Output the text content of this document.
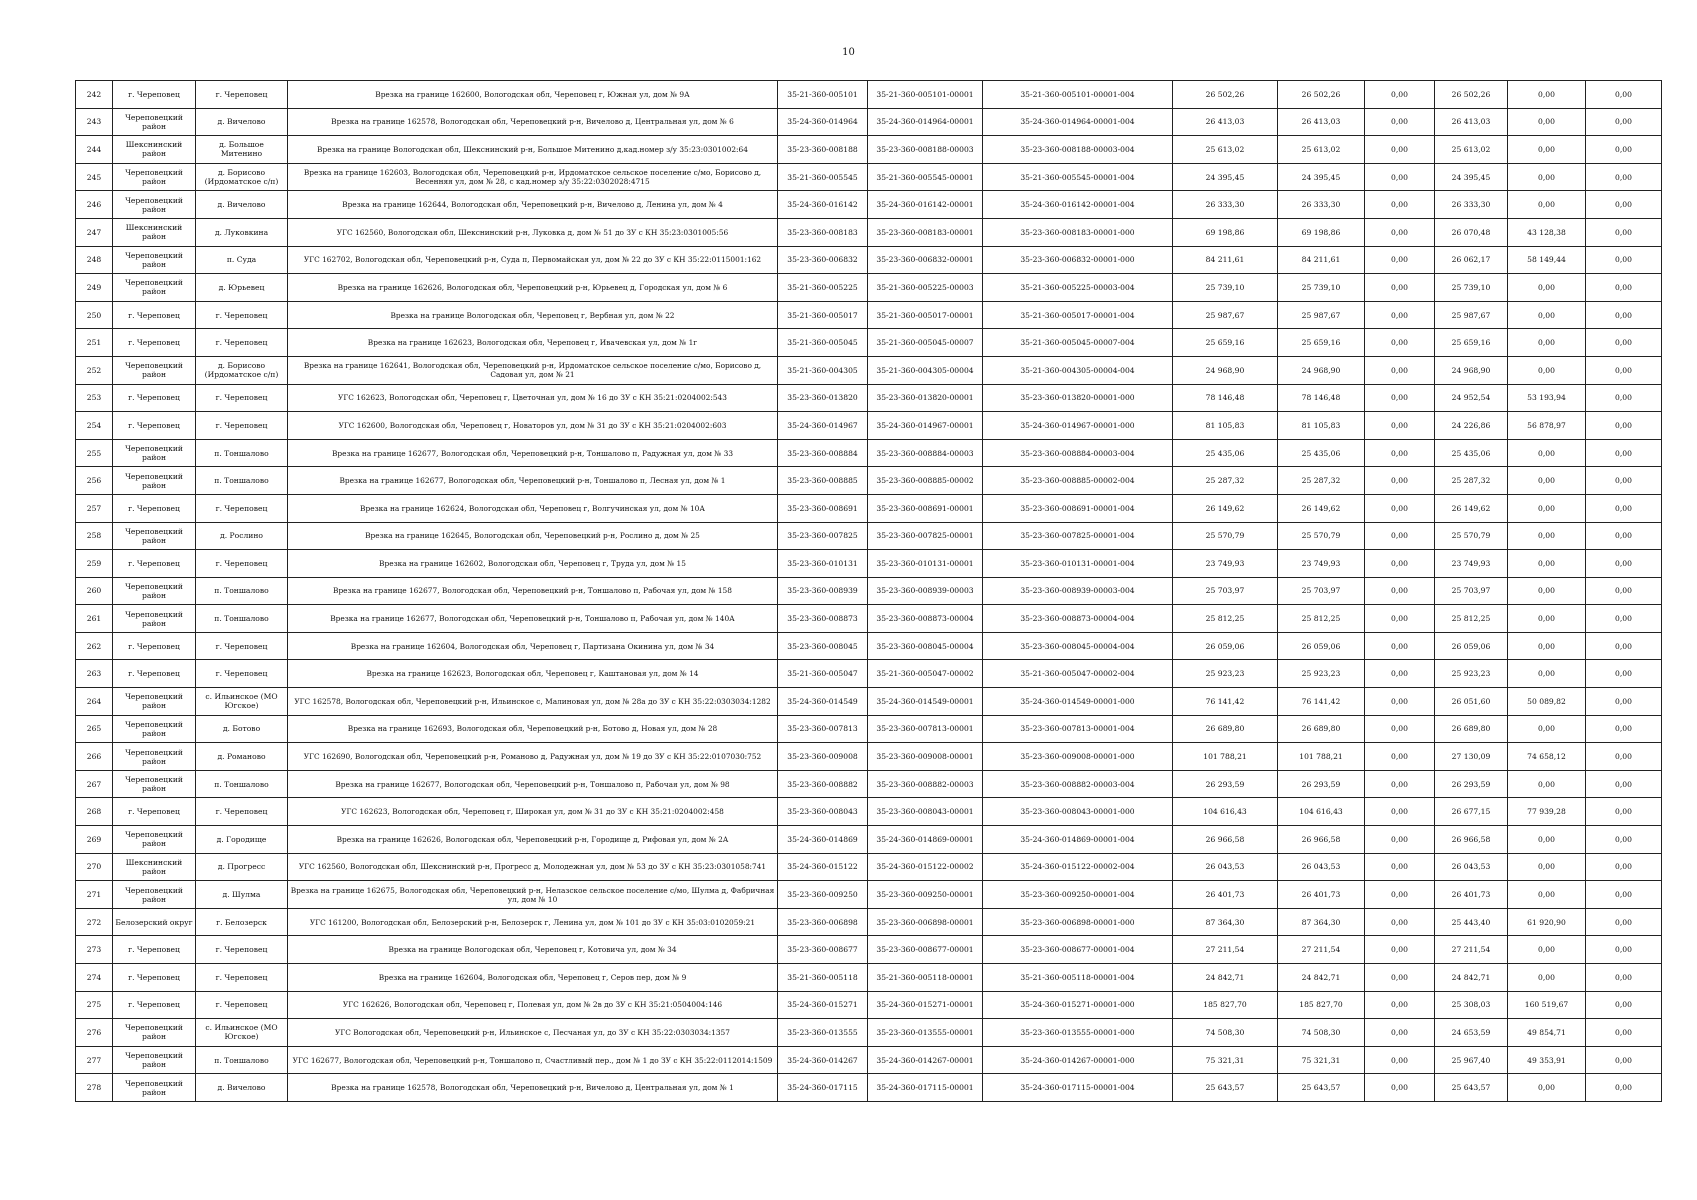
10
242	г. Череповец	г. Череповец	Врезка на границе 162600, Вологодская обл, Череповец г, Южная ул, дом № 9А	35-21-360-005101	35-21-360-005101-00001	35-21-360-005101-00001-004	26 502,26	26 502,26	0,00	26 502,26	0,00	0,00
243	Череповецкий район	д. Вичелово	Врезка на границе 162578, Вологодская обл, Череповецкий р-н, Вичелово д, Центральная ул, дом № 6	35-24-360-014964	35-24-360-014964-00001	35-24-360-014964-00001-004	26 413,03	26 413,03	0,00	26 413,03	0,00	0,00
244	Шекснинский район	д. Большое Митенино	Врезка на границе Вологодская обл, Шекснинский р-н, Большое Митенино д,кад.номер з/у 35:23:0301002:64	35-23-360-008188	35-23-360-008188-00003	35-23-360-008188-00003-004	25 613,02	25 613,02	0,00	25 613,02	0,00	0,00
245	Череповецкий район	д. Борисово (Ирдоматское с/п)	Врезка на границе 162603, Вологодская обл, Череповецкий р-н, Ирдоматское сельское поселение с/мо, Борисово д, Весенняя ул, дом № 28, с кад.номер з/у 35:22:0302028:4715	35-21-360-005545	35-21-360-005545-00001	35-21-360-005545-00001-004	24 395,45	24 395,45	0,00	24 395,45	0,00	0,00
246	Череповецкий район	д. Вичелово	Врезка на границе 162644, Вологодская обл, Череповецкий р-н, Вичелово д, Ленина ул, дом № 4	35-24-360-016142	35-24-360-016142-00001	35-24-360-016142-00001-004	26 333,30	26 333,30	0,00	26 333,30	0,00	0,00
247	Шекснинский район	д. Луковкина	УГС 162560, Вологодская обл, Шекснинский р-н, Луковка д, дом № 51 до ЗУ с КН 35:23:0301005:56	35-23-360-008183	35-23-360-008183-00001	35-23-360-008183-00001-000	69 198,86	69 198,86	0,00	26 070,48	43 128,38	0,00
248	Череповецкий район	п. Суда	УГС 162702, Вологодская обл, Череповецкий р-н, Суда п, Первомайская ул, дом № 22 до ЗУ с КН 35:22:0115001:162	35-23-360-006832	35-23-360-006832-00001	35-23-360-006832-00001-000	84 211,61	84 211,61	0,00	26 062,17	58 149,44	0,00
249	Череповецкий район	д. Юрьевец	Врезка на границе 162626, Вологодская обл, Череповецкий р-н, Юрьевец д, Городская ул, дом № 6	35-21-360-005225	35-21-360-005225-00003	35-21-360-005225-00003-004	25 739,10	25 739,10	0,00	25 739,10	0,00	0,00
250	г. Череповец	г. Череповец	Врезка на границе Вологодская обл, Череповец г, Вербная ул, дом № 22	35-21-360-005017	35-21-360-005017-00001	35-21-360-005017-00001-004	25 987,67	25 987,67	0,00	25 987,67	0,00	0,00
251	г. Череповец	г. Череповец	Врезка на границе 162623, Вологодская обл, Череповец г, Ивачевская ул, дом № 1г	35-21-360-005045	35-21-360-005045-00007	35-21-360-005045-00007-004	25 659,16	25 659,16	0,00	25 659,16	0,00	0,00
252	Череповецкий район	д. Борисово (Ирдоматское с/п)	Врезка на границе 162641, Вологодская обл, Череповецкий р-н, Ирдоматское сельское поселение с/мо, Борисово д, Садовая ул, дом № 21	35-21-360-004305	35-21-360-004305-00004	35-21-360-004305-00004-004	24 968,90	24 968,90	0,00	24 968,90	0,00	0,00
253	г. Череповец	г. Череповец	УГС 162623, Вологодская обл, Череповец г, Цветочная ул, дом № 16 до ЗУ с КН 35:21:0204002:543	35-23-360-013820	35-23-360-013820-00001	35-23-360-013820-00001-000	78 146,48	78 146,48	0,00	24 952,54	53 193,94	0,00
254	г. Череповец	г. Череповец	УГС 162600, Вологодская обл, Череповец г, Новаторов ул, дом № 31 до ЗУ с КН 35:21:0204002:603	35-24-360-014967	35-24-360-014967-00001	35-24-360-014967-00001-000	81 105,83	81 105,83	0,00	24 226,86	56 878,97	0,00
255	Череповецкий район	п. Тоншалово	Врезка на границе 162677, Вологодская обл, Череповецкий р-н, Тоншалово п, Радужная ул, дом № 33	35-23-360-008884	35-23-360-008884-00003	35-23-360-008884-00003-004	25 435,06	25 435,06	0,00	25 435,06	0,00	0,00
256	Череповецкий район	п. Тоншалово	Врезка на границе 162677, Вологодская обл, Череповецкий р-н, Тоншалово п, Лесная ул, дом № 1	35-23-360-008885	35-23-360-008885-00002	35-23-360-008885-00002-004	25 287,32	25 287,32	0,00	25 287,32	0,00	0,00
257	г. Череповец	г. Череповец	Врезка на границе 162624, Вологодская обл, Череповец г, Волгучинская ул, дом № 10А	35-23-360-008691	35-23-360-008691-00001	35-23-360-008691-00001-004	26 149,62	26 149,62	0,00	26 149,62	0,00	0,00
258	Череповецкий район	д. Рослино	Врезка на границе 162645, Вологодская обл, Череповецкий р-н, Рослино д, дом № 25	35-23-360-007825	35-23-360-007825-00001	35-23-360-007825-00001-004	25 570,79	25 570,79	0,00	25 570,79	0,00	0,00
259	г. Череповец	г. Череповец	Врезка на границе 162602, Вологодская обл, Череповец г, Труда ул, дом № 15	35-23-360-010131	35-23-360-010131-00001	35-23-360-010131-00001-004	23 749,93	23 749,93	0,00	23 749,93	0,00	0,00
260	Череповецкий район	п. Тоншалово	Врезка на границе 162677, Вологодская обл, Череповецкий р-н, Тоншалово п, Рабочая ул, дом № 158	35-23-360-008939	35-23-360-008939-00003	35-23-360-008939-00003-004	25 703,97	25 703,97	0,00	25 703,97	0,00	0,00
261	Череповецкий район	п. Тоншалово	Врезка на границе 162677, Вологодская обл, Череповецкий р-н, Тоншалово п, Рабочая ул, дом № 140А	35-23-360-008873	35-23-360-008873-00004	35-23-360-008873-00004-004	25 812,25	25 812,25	0,00	25 812,25	0,00	0,00
262	г. Череповец	г. Череповец	Врезка на границе 162604, Вологодская обл, Череповец г, Партизана Окинина ул, дом № 34	35-23-360-008045	35-23-360-008045-00004	35-23-360-008045-00004-004	26 059,06	26 059,06	0,00	26 059,06	0,00	0,00
263	г. Череповец	г. Череповец	Врезка на границе 162623, Вологодская обл, Череповец г, Каштановая ул, дом № 14	35-21-360-005047	35-21-360-005047-00002	35-21-360-005047-00002-004	25 923,23	25 923,23	0,00	25 923,23	0,00	0,00
264	Череповецкий район	с. Ильинское (МО Югское)	УГС 162578, Вологодская обл, Череповецкий р-н, Ильинское с, Малиновая ул, дом № 28а до ЗУ с КН 35:22:0303034:1282	35-24-360-014549	35-24-360-014549-00001	35-24-360-014549-00001-000	76 141,42	76 141,42	0,00	26 051,60	50 089,82	0,00
265	Череповецкий район	д. Ботово	Врезка на границе 162693, Вологодская обл, Череповецкий р-н, Ботово д, Новая ул, дом № 28	35-23-360-007813	35-23-360-007813-00001	35-23-360-007813-00001-004	26 689,80	26 689,80	0,00	26 689,80	0,00	0,00
266	Череповецкий район	д. Романово	УГС 162690, Вологодская обл, Череповецкий р-н, Романово д, Радужная ул, дом № 19 до ЗУ с КН 35:22:0107030:752	35-23-360-009008	35-23-360-009008-00001	35-23-360-009008-00001-000	101 788,21	101 788,21	0,00	27 130,09	74 658,12	0,00
267	Череповецкий район	п. Тоншалово	Врезка на границе 162677, Вологодская обл, Череповецкий р-н, Тоншалово п, Рабочая ул, дом № 98	35-23-360-008882	35-23-360-008882-00003	35-23-360-008882-00003-004	26 293,59	26 293,59	0,00	26 293,59	0,00	0,00
268	г. Череповец	г. Череповец	УГС 162623, Вологодская обл, Череповец г, Широкая ул, дом № 31 до ЗУ с КН 35:21:0204002:458	35-23-360-008043	35-23-360-008043-00001	35-23-360-008043-00001-000	104 616,43	104 616,43	0,00	26 677,15	77 939,28	0,00
269	Череповецкий район	д. Городище	Врезка на границе 162626, Вологодская обл, Череповецкий р-н, Городище д, Рифовая ул, дом № 2А	35-24-360-014869	35-24-360-014869-00001	35-24-360-014869-00001-004	26 966,58	26 966,58	0,00	26 966,58	0,00	0,00
270	Шекснинский район	д. Прогресс	УГС 162560, Вологодская обл, Шекснинский р-н, Прогресс д, Молодежная ул, дом № 53 до ЗУ с КН 35:23:0301058:741	35-24-360-015122	35-24-360-015122-00002	35-24-360-015122-00002-004	26 043,53	26 043,53	0,00	26 043,53	0,00	0,00
271	Череповецкий район	д. Шулма	Врезка на границе 162675, Вологодская обл, Череповецкий р-н, Нелазское сельское поселение с/мо, Шулма д, Фабричная ул, дом № 10	35-23-360-009250	35-23-360-009250-00001	35-23-360-009250-00001-004	26 401,73	26 401,73	0,00	26 401,73	0,00	0,00
272	Белозерский округ	г. Белозерск	УГС 161200, Вологодская обл, Белозерский р-н, Белозерск г, Ленина ул, дом № 101 до ЗУ с КН 35:03:0102059:21	35-23-360-006898	35-23-360-006898-00001	35-23-360-006898-00001-000	87 364,30	87 364,30	0,00	25 443,40	61 920,90	0,00
273	г. Череповец	г. Череповец	Врезка на границе Вологодская обл, Череповец г, Котовича ул, дом № 34	35-23-360-008677	35-23-360-008677-00001	35-23-360-008677-00001-004	27 211,54	27 211,54	0,00	27 211,54	0,00	0,00
274	г. Череповец	г. Череповец	Врезка на границе 162604, Вологодская обл, Череповец г, Серов пер, дом № 9	35-21-360-005118	35-21-360-005118-00001	35-21-360-005118-00001-004	24 842,71	24 842,71	0,00	24 842,71	0,00	0,00
275	г. Череповец	г. Череповец	УГС 162626, Вологодская обл, Череповец г, Полевая ул, дом № 2в до ЗУ с КН 35:21:0504004:146	35-24-360-015271	35-24-360-015271-00001	35-24-360-015271-00001-000	185 827,70	185 827,70	0,00	25 308,03	160 519,67	0,00
276	Череповецкий район	с. Ильинское (МО Югское)	УГС Вологодская обл, Череповецкий р-н, Ильинское с, Песчаная ул, до ЗУ с КН 35:22:0303034:1357	35-23-360-013555	35-23-360-013555-00001	35-23-360-013555-00001-000	74 508,30	74 508,30	0,00	24 653,59	49 854,71	0,00
277	Череповецкий район	п. Тоншалово	УГС 162677, Вологодская обл, Череповецкий р-н, Тоншалово п, Счастливый пер., дом № 1 до ЗУ с КН 35:22:0112014:1509	35-24-360-014267	35-24-360-014267-00001	35-24-360-014267-00001-000	75 321,31	75 321,31	0,00	25 967,40	49 353,91	0,00
278	Череповецкий район	д. Вичелово	Врезка на границе 162578, Вологодская обл, Череповецкий р-н, Вичелово д, Центральная ул, дом № 1	35-24-360-017115	35-24-360-017115-00001	35-24-360-017115-00001-004	25 643,57	25 643,57	0,00	25 643,57	0,00	0,00
